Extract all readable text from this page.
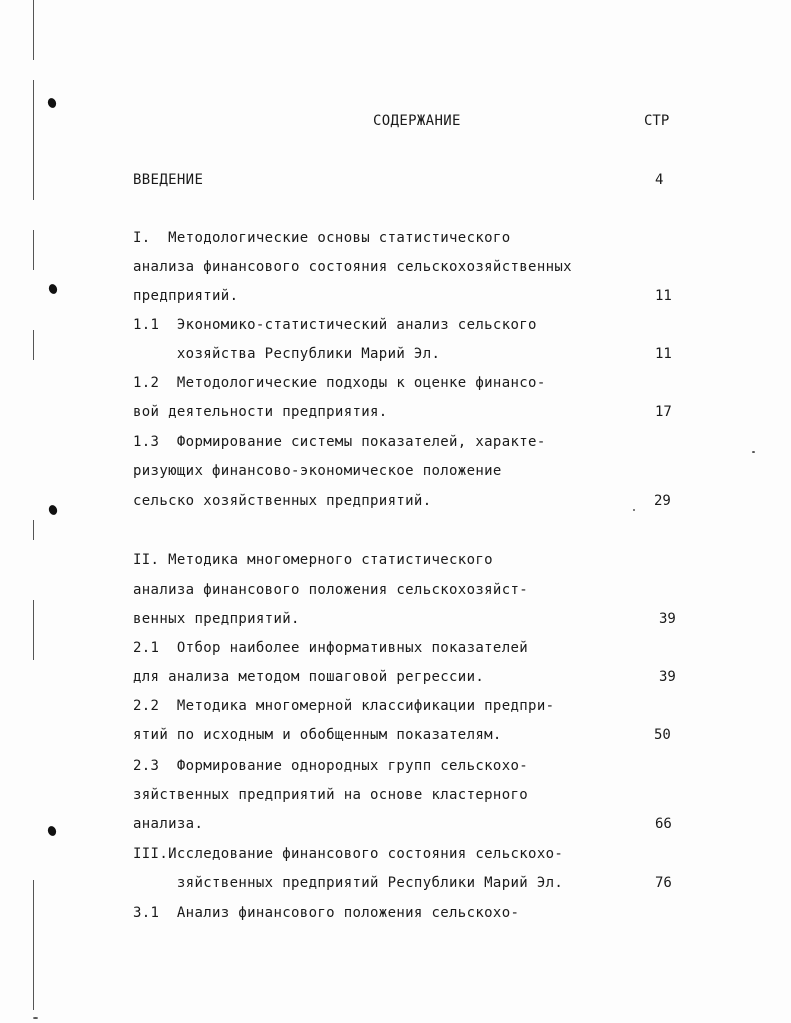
СОДЕРЖАНИЕ	СТР
ВВЕДЕНИЕ	4
I.  Методологические основы статистического
анализа финансового состояния сельскохозяйственных
предприятий.	11
1.1  Экономико-статистический анализ сельского
хозяйства Республики Марий Эл.	11
1.2  Методологические подходы к оценке финансо-
вой деятельности предприятия.	17
1.3  Формирование системы показателей, характе-
ризующих финансово-экономическое положение
сельско хозяйственных предприятий.	29
II. Методика многомерного статистического
анализа финансового положения сельскохозяйст-
венных предприятий.	39
2.1  Отбор наиболее информативных показателей
для анализа методом пошаговой регрессии.	39
2.2  Методика многомерной классификации предпри-
ятий по исходным и обобщенным показателям.	50
2.3  Формирование однородных групп сельскохо-
зяйственных предприятий на основе кластерного
анализа.	66
III.Исследование финансового состояния сельскохо-
зяйственных предприятий Республики Марий Эл.	76
3.1  Анализ финансового положения сельскохо-
